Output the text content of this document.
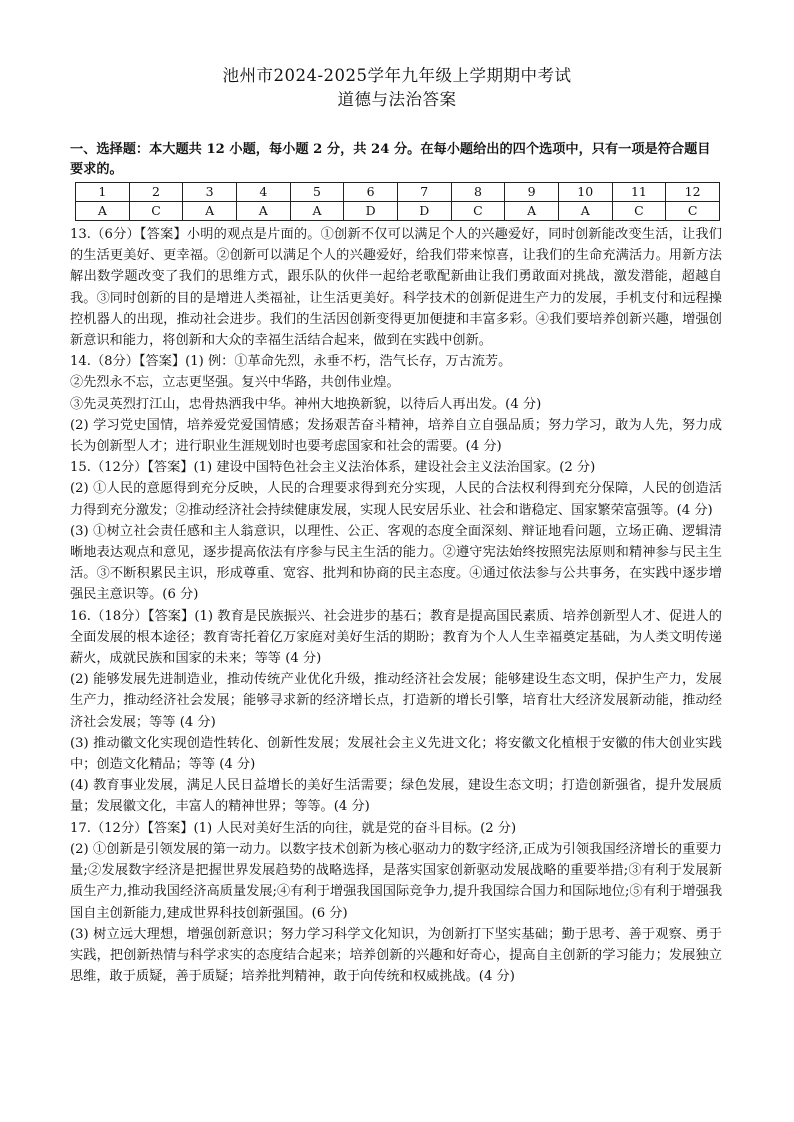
池州市2024-2025学年九年级上学期期中考试
道德与法治答案
一、选择题：本大题共 12 小题，每小题 2 分，共 24 分。在每小题给出的四个选项中，只有一项是符合题目要求的。
1	2	3	4	5	6	7	8	9	10	11	12
A	C	A	A	A	D	D	C	A	A	C	C

13.（6分）【答案】小明的观点是片面的。①创新不仅可以满足个人的兴趣爱好，同时创新能改变生活，让我们的生活更美好、更幸福。②创新可以满足个人的兴趣爱好，给我们带来惊喜，让我们的生命充满活力。用新方法解出数学题改变了我们的思维方式，跟乐队的伙伴一起给老歌配新曲让我们勇敢面对挑战，激发潜能，超越自我。③同时创新的目的是增进人类福祉，让生活更美好。科学技术的创新促进生产力的发展，手机支付和远程操控机器人的出现，推动社会进步。我们的生活因创新变得更加便捷和丰富多彩。④我们要培养创新兴趣，增强创新意识和能力，将创新和大众的幸福生活结合起来，做到在实践中创新。

14.（8分）【答案】(1) 例：①革命先烈，永垂不朽，浩气长存，万古流芳。

②先烈永不忘，立志更坚强。复兴中华路，共创伟业煌。

③先灵英烈打江山，忠骨热洒我中华。神州大地换新貌，以待后人再出发。(4 分)

(2) 学习党史国情，培养爱党爱国情感；发扬艰苦奋斗精神，培养自立自强品质；努力学习，敢为人先，努力成长为创新型人才；进行职业生涯规划时也要考虑国家和社会的需要。(4 分)

15.（12分）【答案】(1) 建设中国特色社会主义法治体系，建设社会主义法治国家。(2 分)

(2) ①人民的意愿得到充分反映，人民的合理要求得到充分实现，人民的合法权利得到充分保障，人民的创造活力得到充分激发；②推动经济社会持续健康发展，实现人民安居乐业、社会和谐稳定、国家繁荣富强等。(4 分)

(3) ①树立社会责任感和主人翁意识，以理性、公正、客观的态度全面深刻、辩证地看问题，立场正确、逻辑清晰地表达观点和意见，逐步提高依法有序参与民主生活的能力。②遵守宪法始终按照宪法原则和精神参与民主生活。③不断积累民主识，形成尊重、宽容、批判和协商的民主态度。④通过依法参与公共事务，在实践中逐步增强民主意识等。(6 分)

16.（18分）【答案】(1) 教育是民族振兴、社会进步的基石；教育是提高国民素质、培养创新型人才、促进人的全面发展的根本途径；教育寄托着亿万家庭对美好生活的期盼；教育为个人人生幸福奠定基础，为人类文明传递薪火，成就民族和国家的未来；等等 (4 分)

(2) 能够发展先进制造业，推动传统产业优化升级，推动经济社会发展；能够建设生态文明，保护生产力，发展生产力，推动经济社会发展；能够寻求新的经济增长点，打造新的增长引擎，培育壮大经济发展新动能，推动经济社会发展；等等 (4 分)

(3) 推动徽文化实现创造性转化、创新性发展；发展社会主义先进文化；将安徽文化植根于安徽的伟大创业实践中；创造文化精品；等等 (4 分)

(4) 教育事业发展，满足人民日益增长的美好生活需要；绿色发展，建设生态文明；打造创新强省，提升发展质量；发展徽文化，丰富人的精神世界；等等。(4 分)

17.（12分）【答案】(1) 人民对美好生活的向往，就是党的奋斗目标。(2 分)

(2) ①创新是引领发展的第一动力。以数字技术创新为核心驱动力的数字经济,正成为引领我国经济增长的重要力量;②发展数字经济是把握世界发展趋势的战略选择，是落实国家创新驱动发展战略的重要举措;③有利于发展新质生产力,推动我国经济高质量发展;④有利于增强我国国际竞争力,提升我国综合国力和国际地位;⑤有利于增强我国自主创新能力,建成世界科技创新强国。(6 分)

(3) 树立远大理想，增强创新意识；努力学习科学文化知识，为创新打下坚实基础；勤于思考、善于观察、勇于实践，把创新热情与科学求实的态度结合起来；培养创新的兴趣和好奇心，提高自主创新的学习能力；发展独立思维，敢于质疑，善于质疑；培养批判精神，敢于向传统和权威挑战。(4 分)
